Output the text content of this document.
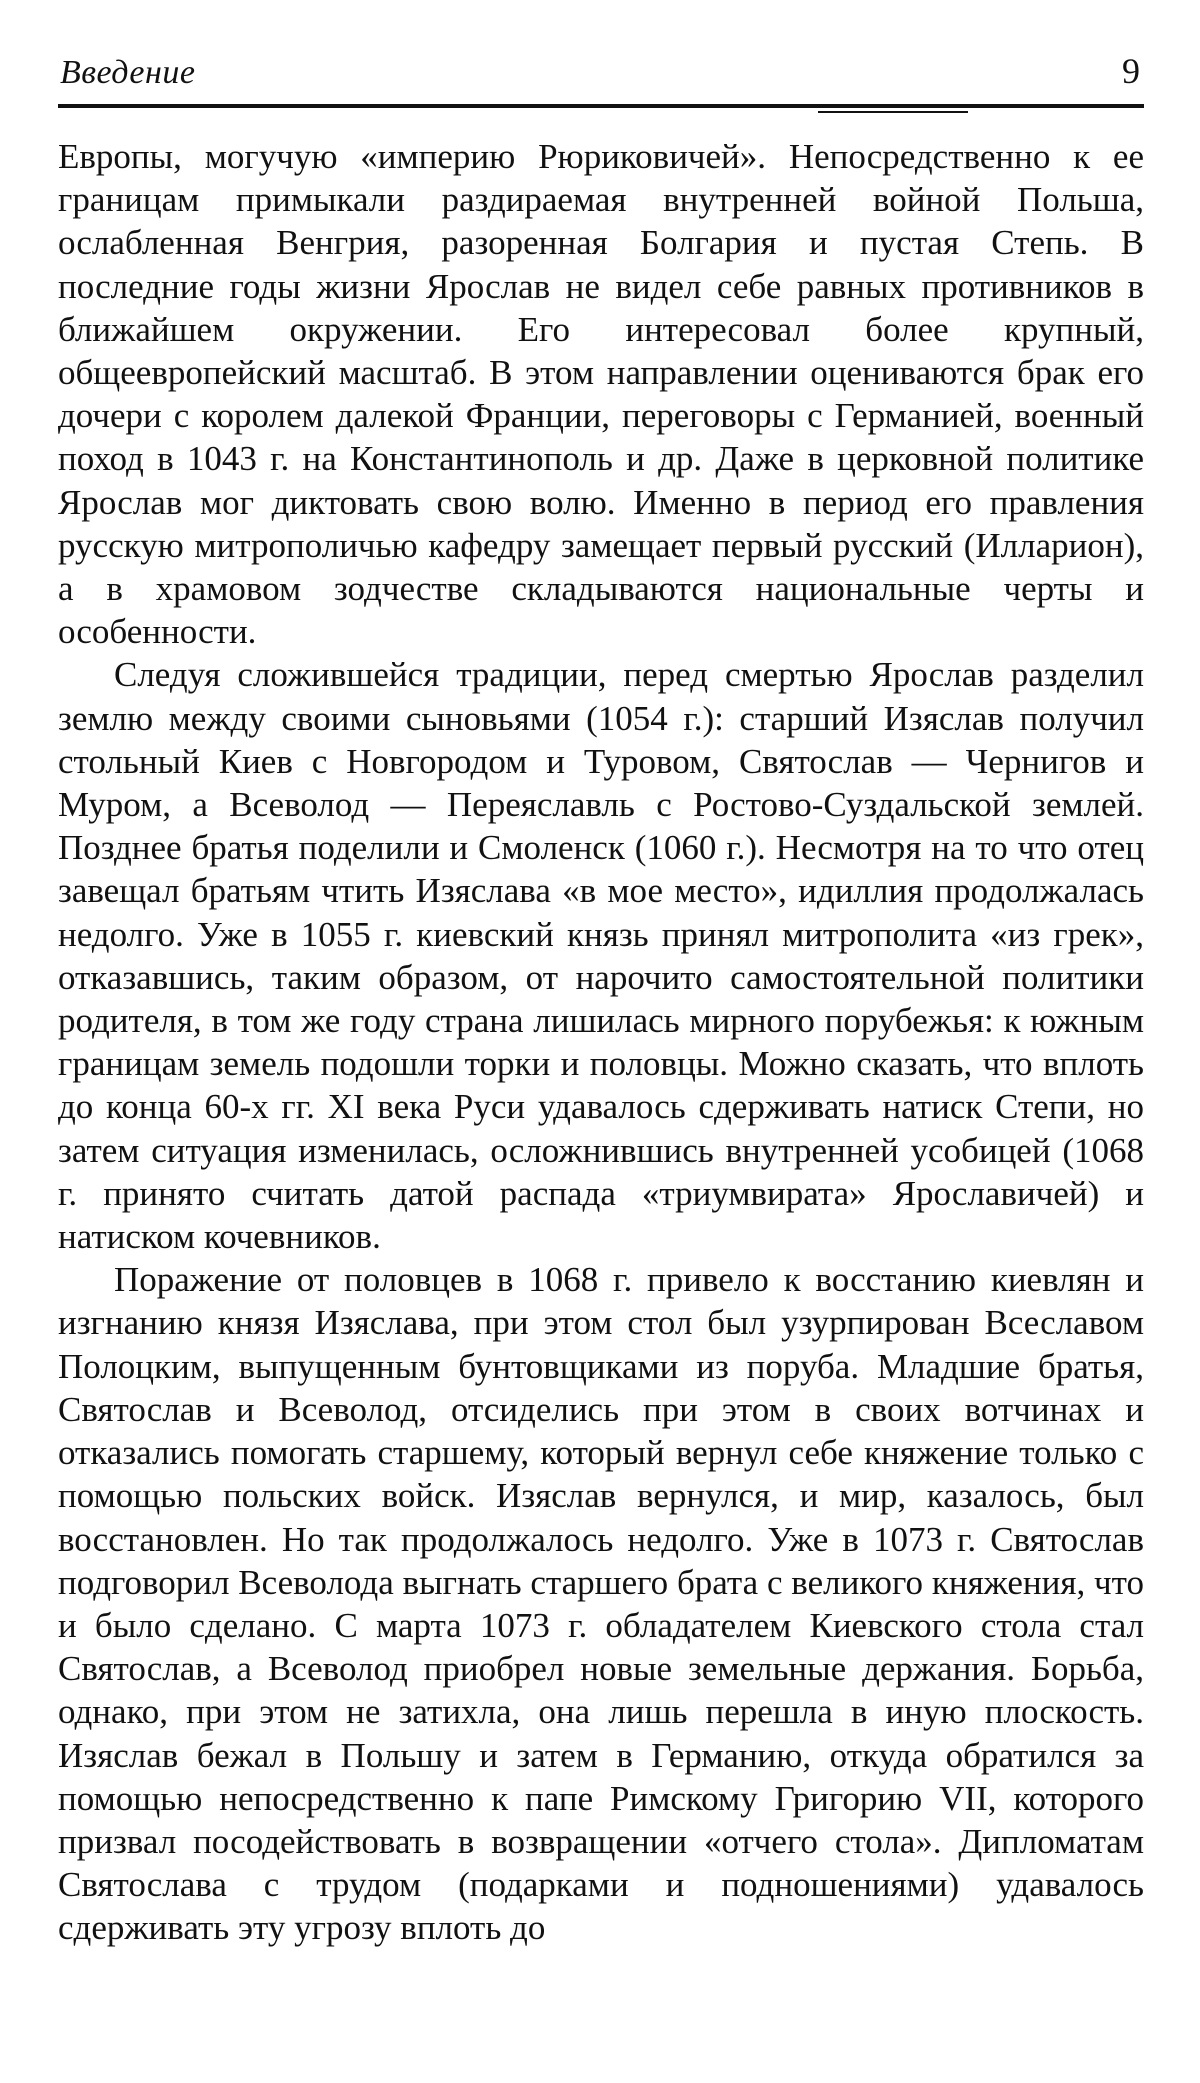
Введение	9

Европы, могучую «империю Рюриковичей». Непосредственно к ее границам примыкали раздираемая внутренней войной Польша, ослабленная Венгрия, разоренная Болгария и пустая Степь. В последние годы жизни Ярослав не видел себе равных противников в ближайшем окружении. Его интересовал более крупный, общеевропейский масштаб. В этом направлении оцениваются брак его дочери с королем далекой Франции, переговоры с Германией, военный поход в 1043 г. на Константинополь и др. Даже в церковной политике Ярослав мог диктовать свою волю. Именно в период его правления русскую митрополичью кафедру замещает первый русский (Илларион), а в храмовом зодчестве складываются национальные черты и особенности.

Следуя сложившейся традиции, перед смертью Ярослав разделил землю между своими сыновьями (1054 г.): старший Изяслав получил стольный Киев с Новгородом и Туровом, Святослав — Чернигов и Муром, а Всеволод — Переяславль с Ростово-Суздальской землей. Позднее братья поделили и Смоленск (1060 г.). Несмотря на то что отец завещал братьям чтить Изяслава «в мое место», идиллия продолжалась недолго. Уже в 1055 г. киевский князь принял митрополита «из грек», отказавшись, таким образом, от нарочито самостоятельной политики родителя, в том же году страна лишилась мирного порубежья: к южным границам земель подошли торки и половцы. Можно сказать, что вплоть до конца 60-х гг. XI века Руси удавалось сдерживать натиск Степи, но затем ситуация изменилась, осложнившись внутренней усобицей (1068 г. принято считать датой распада «триумвирата» Ярославичей) и натиском кочевников.

Поражение от половцев в 1068 г. привело к восстанию киевлян и изгнанию князя Изяслава, при этом стол был узурпирован Всеславом Полоцким, выпущенным бунтовщиками из поруба. Младшие братья, Святослав и Всеволод, отсиделись при этом в своих вотчинах и отказались помогать старшему, который вернул себе княжение только с помощью польских войск. Изяслав вернулся, и мир, казалось, был восстановлен. Но так продолжалось недолго. Уже в 1073 г. Святослав подговорил Всеволода выгнать старшего брата с великого княжения, что и было сделано. С марта 1073 г. обладателем Киевского стола стал Святослав, а Всеволод приобрел новые земельные держания. Борьба, однако, при этом не затихла, она лишь перешла в иную плоскость. Изяслав бежал в Польшу и затем в Германию, откуда обратился за помощью непосредственно к папе Римскому Григорию VII, которого призвал посодействовать в возвращении «отчего стола». Дипломатам Святослава с трудом (подарками и подношениями) удавалось сдерживать эту угрозу вплоть до
